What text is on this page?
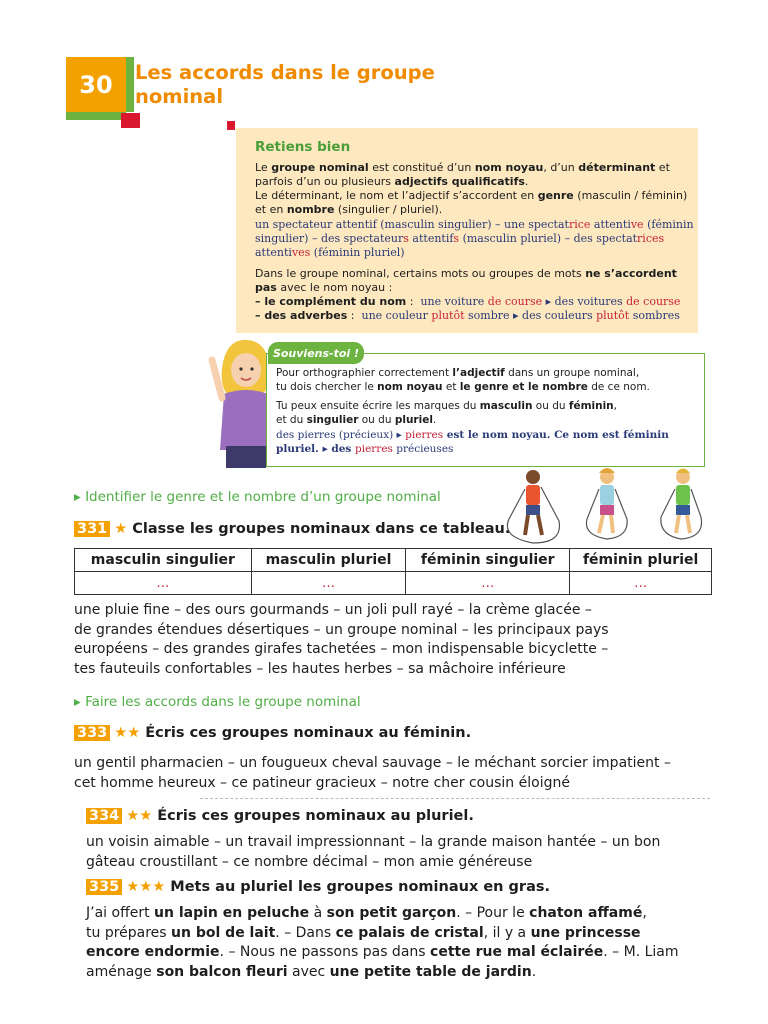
30 Les accords dans le groupe
nominal
Retiens bien
Le groupe nominal est constitué d’un nom noyau, d’un déterminant et
parfois d’un ou plusieurs adjectifs qualificatifs.
Le déterminant, le nom et l’adjectif s’accordent en genre (masculin / féminin)
et en nombre (singulier / pluriel).
un spectateur attentif (masculin singulier) – une spectatrice attentive (féminin
singulier) – des spectateurs attentifs (masculin pluriel) – des spectatrices
attentives (féminin pluriel)
Dans le groupe nominal, certains mots ou groupes de mots ne s’accordent
pas avec le nom noyau :
– le complément du nom : une voiture de course ▸ des voitures de course
– des adverbes : une couleur plutôt sombre ▸ des couleurs plutôt sombres
Souviens-toi !
Pour orthographier correctement l’adjectif dans un groupe nominal,
tu dois chercher le nom noyau et le genre et le nombre de ce nom.
Tu peux ensuite écrire les marques du masculin ou du féminin,
et du singulier ou du pluriel.
des pierres (précieux) ▸ pierres est le nom noyau. Ce nom est féminin
pluriel. ▸ des pierres précieuses
▸ Identifier le genre et le nombre d’un groupe nominal
331 ★ Classe les groupes nominaux dans ce tableau.
masculin singulier	masculin pluriel	féminin singulier	féminin pluriel
…	…	…	…
une pluie fine – des ours gourmands – un joli pull rayé – la crème glacée –
de grandes étendues désertiques – un groupe nominal – les principaux pays
européens – des grandes girafes tachetées – mon indispensable bicyclette –
tes fauteuils confortables – les hautes herbes – sa mâchoire inférieure
▸ Faire les accords dans le groupe nominal
333 ★★ Écris ces groupes nominaux au féminin.
un gentil pharmacien – un fougueux cheval sauvage – le méchant sorcier impatient –
cet homme heureux – ce patineur gracieux – notre cher cousin éloigné
334 ★★ Écris ces groupes nominaux au pluriel.
un voisin aimable – un travail impressionnant – la grande maison hantée – un bon
gâteau croustillant – ce nombre décimal – mon amie généreuse
335 ★★★ Mets au pluriel les groupes nominaux en gras.
J’ai offert un lapin en peluche à son petit garçon. – Pour le chaton affamé,
tu prépares un bol de lait. – Dans ce palais de cristal, il y a une princesse
encore endormie. – Nous ne passons pas dans cette rue mal éclairée. – M. Liam
aménage son balcon fleuri avec une petite table de jardin.
